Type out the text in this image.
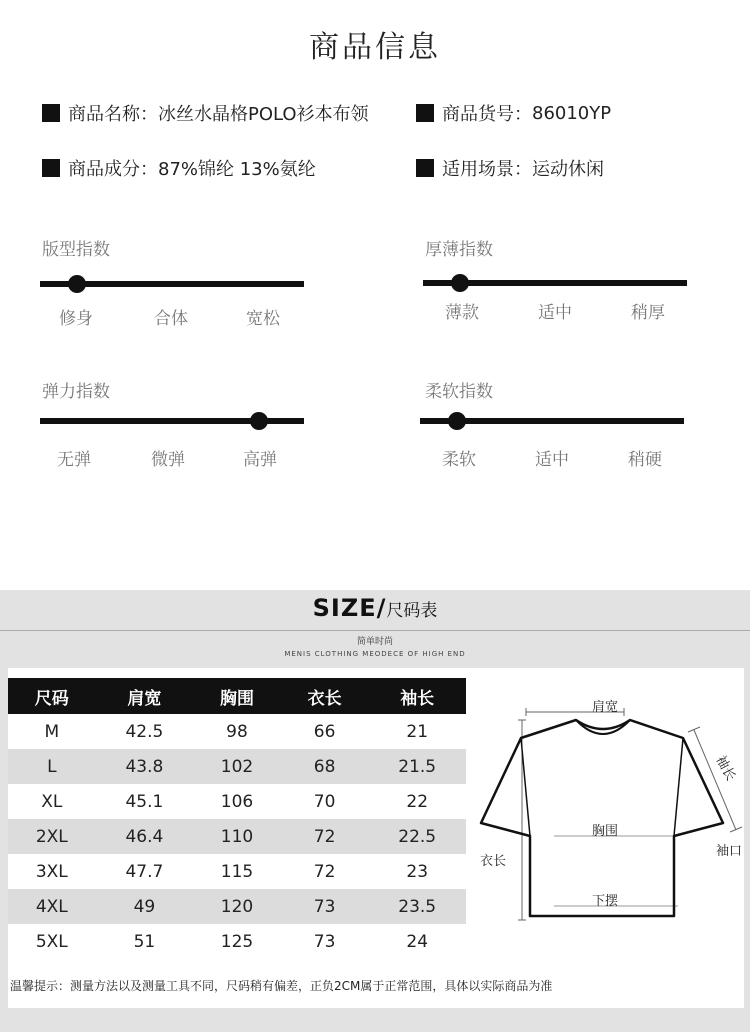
商品信息
商品名称： 冰丝水晶格POLO衫本布领	商品货号： 86010YP
商品成分： 87%锦纶 13%氨纶	适用场景： 运动休闲
版型指数
修身	合体	宽松
厚薄指数
薄款	适中	稍厚
弹力指数
无弹	微弹	高弹
柔软指数
柔软	适中	稍硬
SIZE/尺码表
简单时尚
MENIS CLOTHING MEODECE OF HIGH END
尺码	肩宽	胸围	衣长	袖长
M	42.5	98	66	21
L	43.8	102	68	21.5
XL	45.1	106	70	22
2XL	46.4	110	72	22.5
3XL	47.7	115	72	23
4XL	49	120	73	23.5
5XL	51	125	73	24
肩宽
袖长
胸围
袖口
衣长
下摆
温馨提示：测量方法以及测量工具不同，尺码稍有偏差，正负2CM属于正常范围，具体以实际商品为准
